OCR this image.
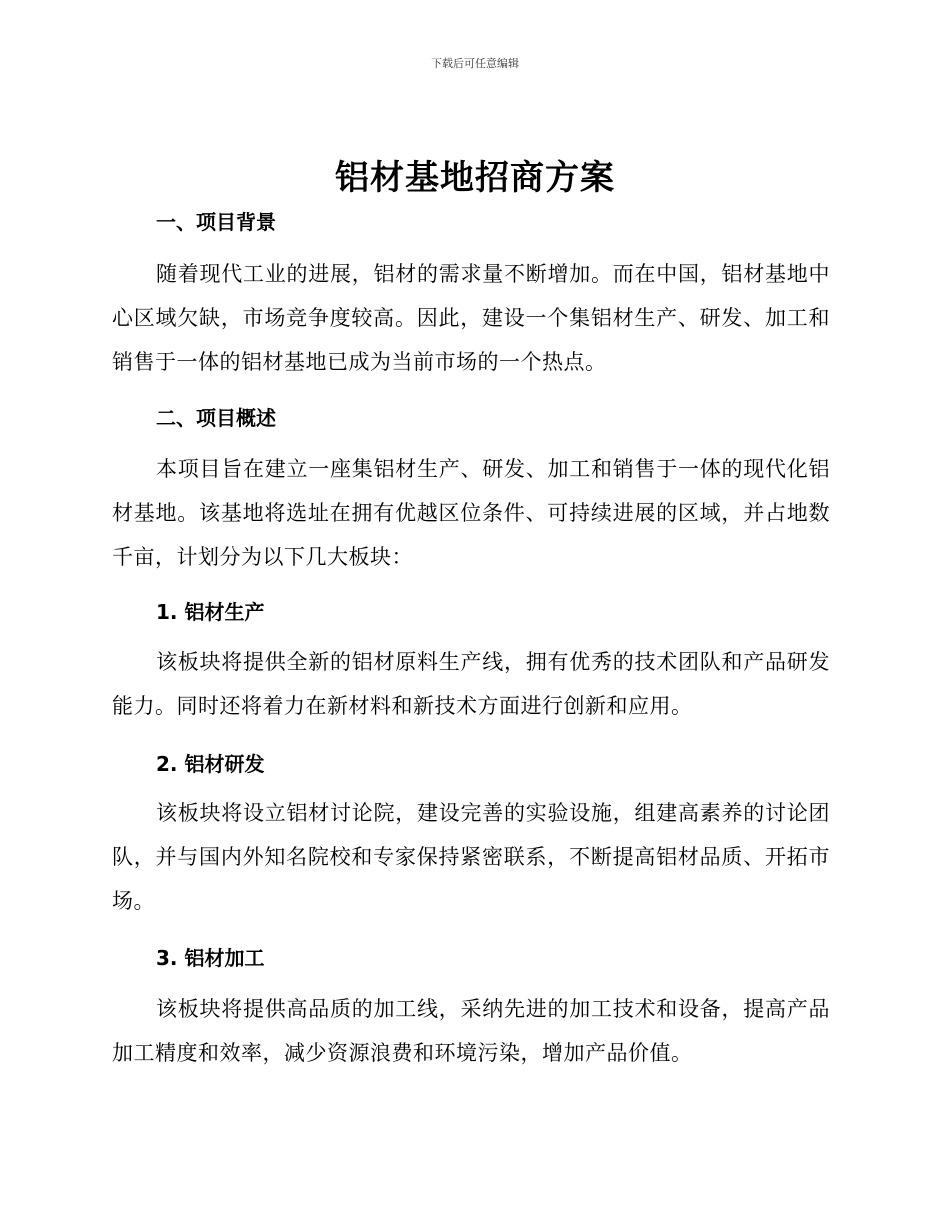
下载后可任意编辑
铝材基地招商方案
一、项目背景
随着现代工业的进展，铝材的需求量不断增加。而在中国，铝材基地中心区域欠缺，市场竞争度较高。因此，建设一个集铝材生产、研发、加工和销售于一体的铝材基地已成为当前市场的一个热点。
二、项目概述
本项目旨在建立一座集铝材生产、研发、加工和销售于一体的现代化铝材基地。该基地将选址在拥有优越区位条件、可持续进展的区域，并占地数千亩，计划分为以下几大板块：
1. 铝材生产
该板块将提供全新的铝材原料生产线，拥有优秀的技术团队和产品研发能力。同时还将着力在新材料和新技术方面进行创新和应用。
2. 铝材研发
该板块将设立铝材讨论院，建设完善的实验设施，组建高素养的讨论团队，并与国内外知名院校和专家保持紧密联系，不断提高铝材品质、开拓市场。
3. 铝材加工
该板块将提供高品质的加工线，采纳先进的加工技术和设备，提高产品加工精度和效率，减少资源浪费和环境污染，增加产品价值。
